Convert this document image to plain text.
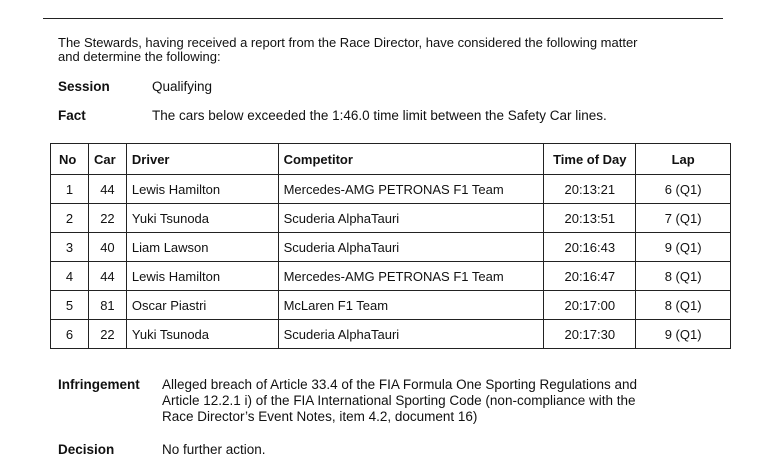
The Stewards, having received a report from the Race Director, have considered the following matter
and determine the following:

Session	Qualifying
Fact	The cars below exceeded the 1:46.0 time limit between the Safety Car lines.
No	Car	Driver	Competitor	Time of Day	Lap
1	44	Lewis Hamilton	Mercedes-AMG PETRONAS F1 Team	20:13:21	6 (Q1)
2	22	Yuki Tsunoda	Scuderia AlphaTauri	20:13:51	7 (Q1)
3	40	Liam Lawson	Scuderia AlphaTauri	20:16:43	9 (Q1)
4	44	Lewis Hamilton	Mercedes-AMG PETRONAS F1 Team	20:16:47	8 (Q1)
5	81	Oscar Piastri	McLaren F1 Team	20:17:00	8 (Q1)
6	22	Yuki Tsunoda	Scuderia AlphaTauri	20:17:30	9 (Q1)
Infringement Alleged breach of Article 33.4 of the FIA Formula One Sporting Regulations and
Article 12.2.1 i) of the FIA International Sporting Code (non-compliance with the
Race Director’s Event Notes, item 4.2, document 16)
Decision	No further action.
